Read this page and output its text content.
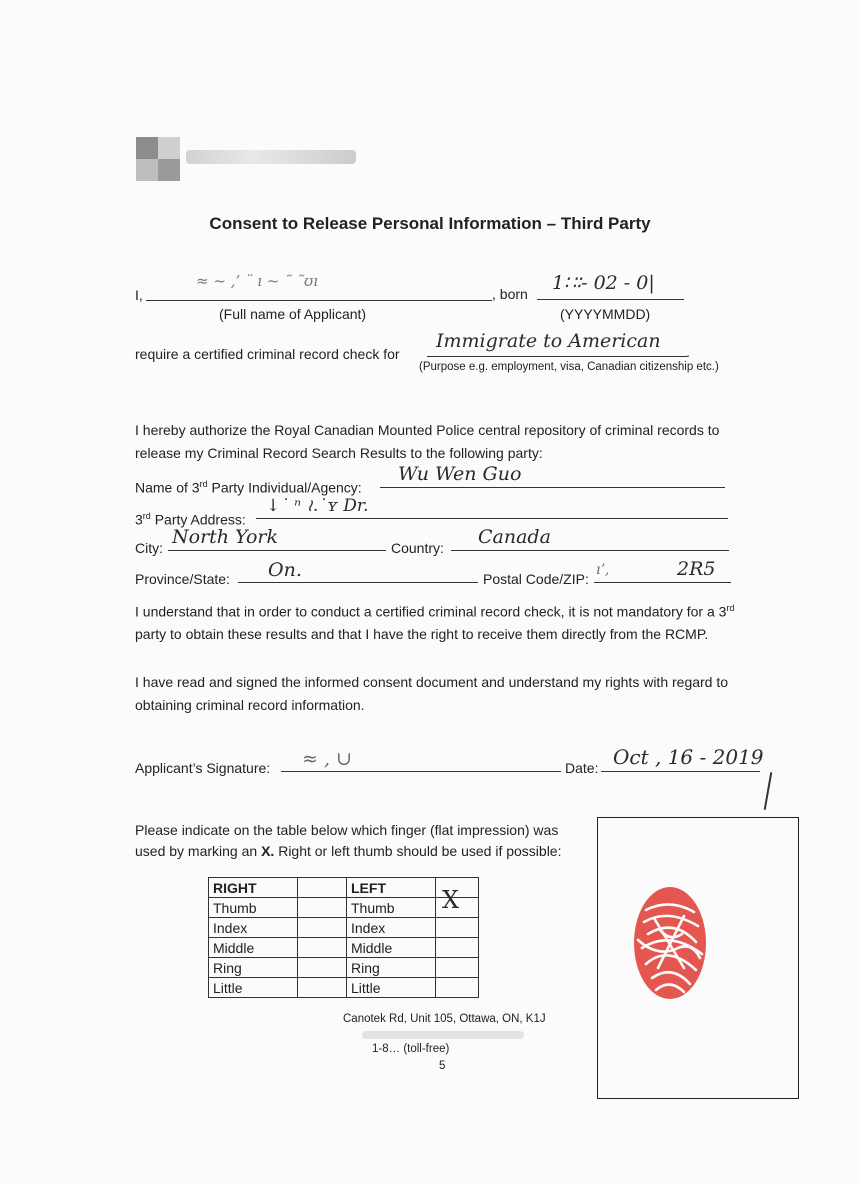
Consent to Release Personal Information – Third Party
I,
≈ ~ ‚’ ¨ ı ~ ˜ ˜ʊı
, born 1∷∶- 02 - 0|
(Full name of Applicant)	(YYYYMMDD)
require a certified criminal record check for
Immigrate to American .
(Purpose e.g. employment, visa, Canadian citizenship etc.)
I hereby authorize the Royal Canadian Mounted Police central repository of criminal records to release my Criminal Record Search Results to the following party:
Name of 3rd Party Individual/Agency:
Wu Wen Guo
3rd Party Address:
↓˙ ⁿ ≀.˙ʏ Dr.
City: North York	Country: Canada
Province/State: On.	Postal Code/ZIP:
ıʼ,	2R5
I understand that in order to conduct a certified criminal record check, it is not mandatory for a 3rd party to obtain these results and that I have the right to receive them directly from the RCMP.
I have read and signed the informed consent document and understand my rights with regard to obtaining criminal record information.
Applicant’s Signature: ≈ , ∪	Date: Oct , 16 - 2019
Please indicate on the table below which finger (flat impression) was used by marking an X. Right or left thumb should be used if possible:
RIGHT		LEFT	
Thumb		Thumb	X

Index		Index	
Middle		Middle	
Ring		Ring	
Little		Little	
Canotek Rd, Unit 105, Ottawa, ON, K1J
1-8… (toll-free)
5
